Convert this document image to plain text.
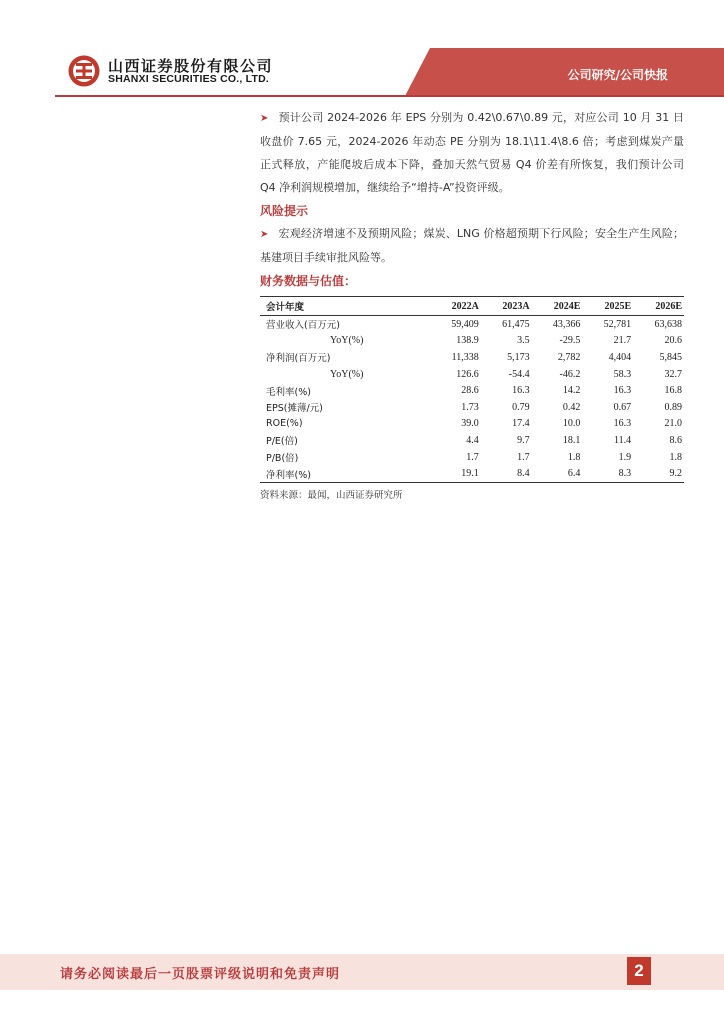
山西证券股份有限公司
SHANXI SECURITIES CO., LTD.	公司研究/公司快报

➤ 预计公司 2024-2026 年 EPS 分别为 0.42\0.67\0.89 元，对应公司 10 月 31 日收盘价 7.65 元，2024-2026 年动态 PE 分别为 18.1\11.4\8.6 倍；考虑到煤炭产量正式释放，产能爬坡后成本下降，叠加天然气贸易 Q4 价差有所恢复，我们预计公司 Q4 净利润规模增加，继续给予“增持-A”投资评级。

风险提示

➤ 宏观经济增速不及预期风险；煤炭、LNG 价格超预期下行风险；安全生产生风险；基建项目手续审批风险等。

财务数据与估值：
会计年度	2022A	2023A	2024E	2025E	2026E
营业收入(百万元)	59,409	61,475	43,366	52,781	63,638
YoY(%)	138.9	3.5	-29.5	21.7	20.6
净利润(百万元)	11,338	5,173	2,782	4,404	5,845
YoY(%)	126.6	-54.4	-46.2	58.3	32.7
毛利率(%)	28.6	16.3	14.2	16.3	16.8
EPS(摊薄/元)	1.73	0.79	0.42	0.67	0.89
ROE(%)	39.0	17.4	10.0	16.3	21.0
P/E(倍)	4.4	9.7	18.1	11.4	8.6
P/B(倍)	1.7	1.7	1.8	1.9	1.8
净利率(%)	19.1	8.4	6.4	8.3	9.2
资料来源：最闻，山西证券研究所
请务必阅读最后一页股票评级说明和免责声明	2
